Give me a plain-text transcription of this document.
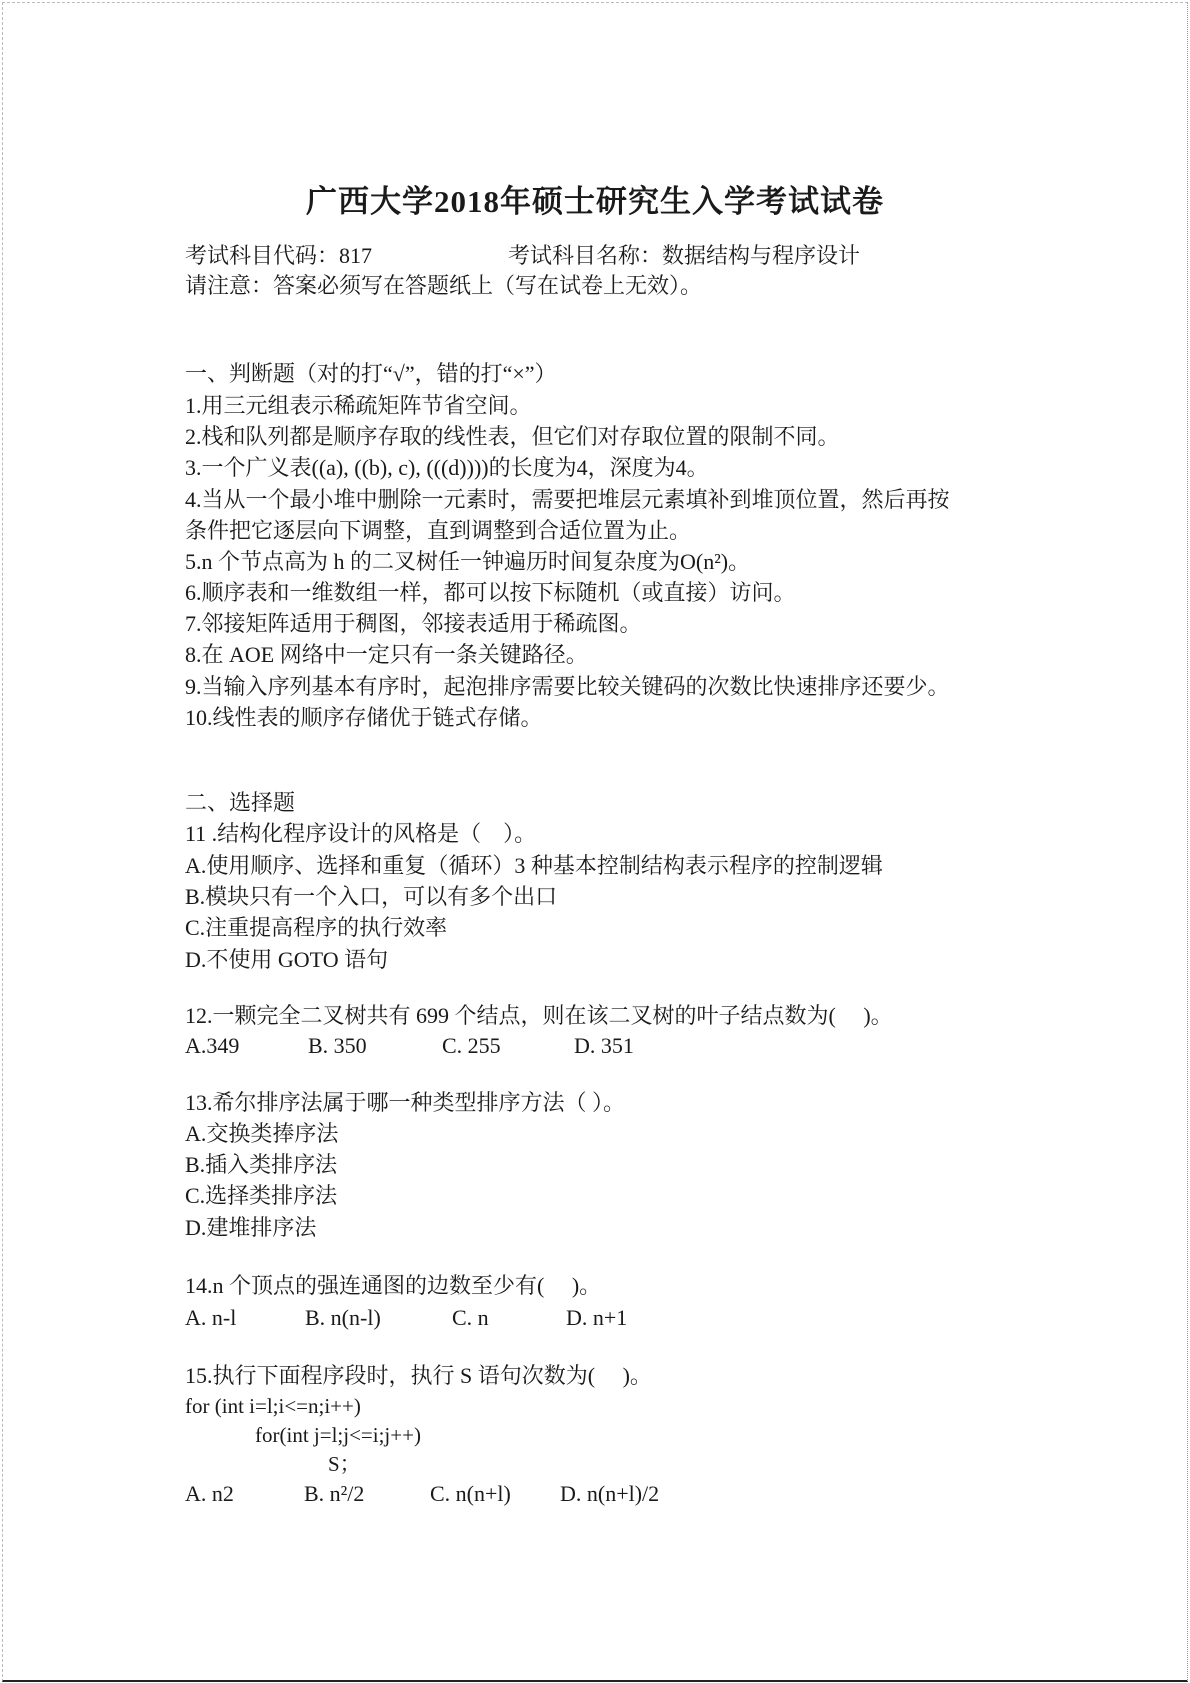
广西大学2018年硕士研究生入学考试试卷
考试科目代码：817	考试科目名称：数据结构与程序设计
请注意：答案必须写在答题纸上（写在试卷上无效）。
一、判断题（对的打“√”，错的打“×”）
1.用三元组表示稀疏矩阵节省空间。
2.栈和队列都是顺序存取的线性表，但它们对存取位置的限制不同。
3.一个广义表((a), ((b), c), (((d))))的长度为4，深度为4。
4.当从一个最小堆中删除一元素时，需要把堆层元素填补到堆顶位置，然后再按
条件把它逐层向下调整，直到调整到合适位置为止。
5.n 个节点高为 h 的二叉树任一钟遍历时间复杂度为O(n²)。
6.顺序表和一维数组一样，都可以按下标随机（或直接）访问。
7.邻接矩阵适用于稠图，邻接表适用于稀疏图。
8.在 AOE 网络中一定只有一条关键路径。
9.当输入序列基本有序时，起泡排序需要比较关键码的次数比快速排序还要少。
10.线性表的顺序存储优于链式存储。
二、选择题
11 .结构化程序设计的风格是（　）。
A.使用顺序、选择和重复（循环）3 种基本控制结构表示程序的控制逻辑
B.模块只有一个入口，可以有多个出口
C.注重提高程序的执行效率
D.不使用 GOTO 语句
12.一颗完全二叉树共有 699 个结点，则在该二叉树的叶子结点数为(　 )。
A.349	B. 350	C. 255	D. 351
13.希尔排序法属于哪一种类型排序方法（ ）。
A.交换类捧序法
B.插入类排序法
C.选择类排序法
D.建堆排序法
14.n 个顶点的强连通图的边数至少有(　 )。
A. n-l	B. n(n-l)	C. n	D. n+1
15.执行下面程序段时，执行 S 语句次数为(　 )。
for (int i=l;i<=n;i++)
for(int j=l;j<=i;j++)
S；
A. n2	B. n²/2	C. n(n+l) D. n(n+l)/2
